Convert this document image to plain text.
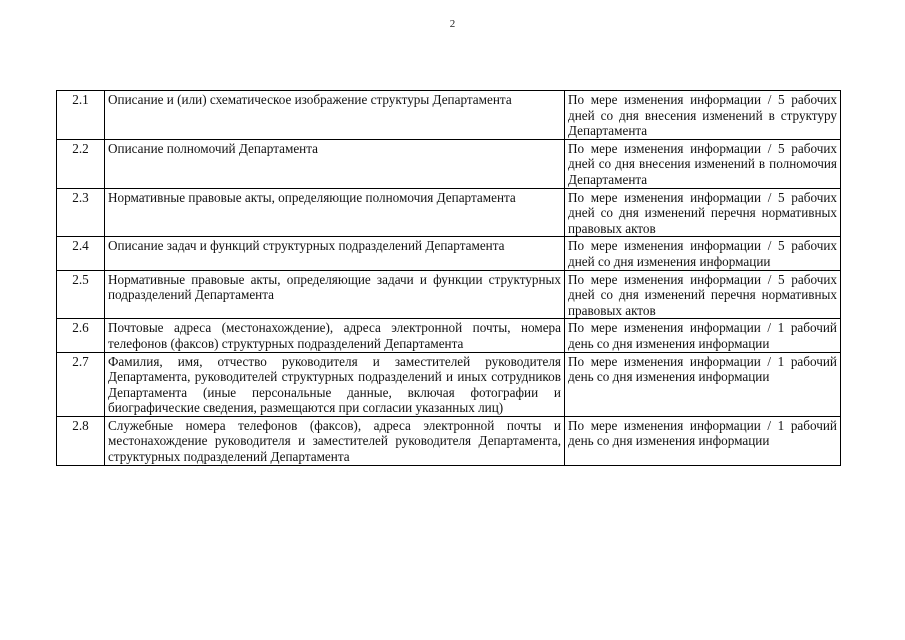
2
2.1	Описание и (или) схематическое изображение структуры Департамента	По мере изменения информации / 5 рабочих дней со дня внесения изменений в структуру Департамента
2.2	Описание полномочий Департамента	По мере изменения информации / 5 рабочих дней со дня внесения изменений в полномочия Департамента
2.3	Нормативные правовые акты, определяющие полномочия Департамента	По мере изменения информации / 5 рабочих дней со дня изменений перечня нормативных правовых актов
2.4	Описание задач и функций структурных подразделений Департамента	По мере изменения информации / 5 рабочих дней со дня изменения информации
2.5	Нормативные правовые акты, определяющие задачи и функции структурных подразделений Департамента	По мере изменения информации / 5 рабочих дней со дня изменений перечня нормативных правовых актов
2.6	Почтовые адреса (местонахождение), адреса электронной почты, номера телефонов (факсов) структурных подразделений Департамента	По мере изменения информации / 1 рабочий день со дня изменения информации
2.7	Фамилия, имя, отчество руководителя и заместителей руководителя Департамента, руководителей структурных подразделений и иных сотрудников Департамента (иные персональные данные, включая фотографии и биографические сведения, размещаются при согласии указанных лиц)	По мере изменения информации / 1 рабочий день со дня изменения информации
2.8	Служебные номера телефонов (факсов), адреса электронной почты и местонахождение руководителя и заместителей руководителя Департамента, структурных подразделений Департамента	По мере изменения информации / 1 рабочий день со дня изменения информации
